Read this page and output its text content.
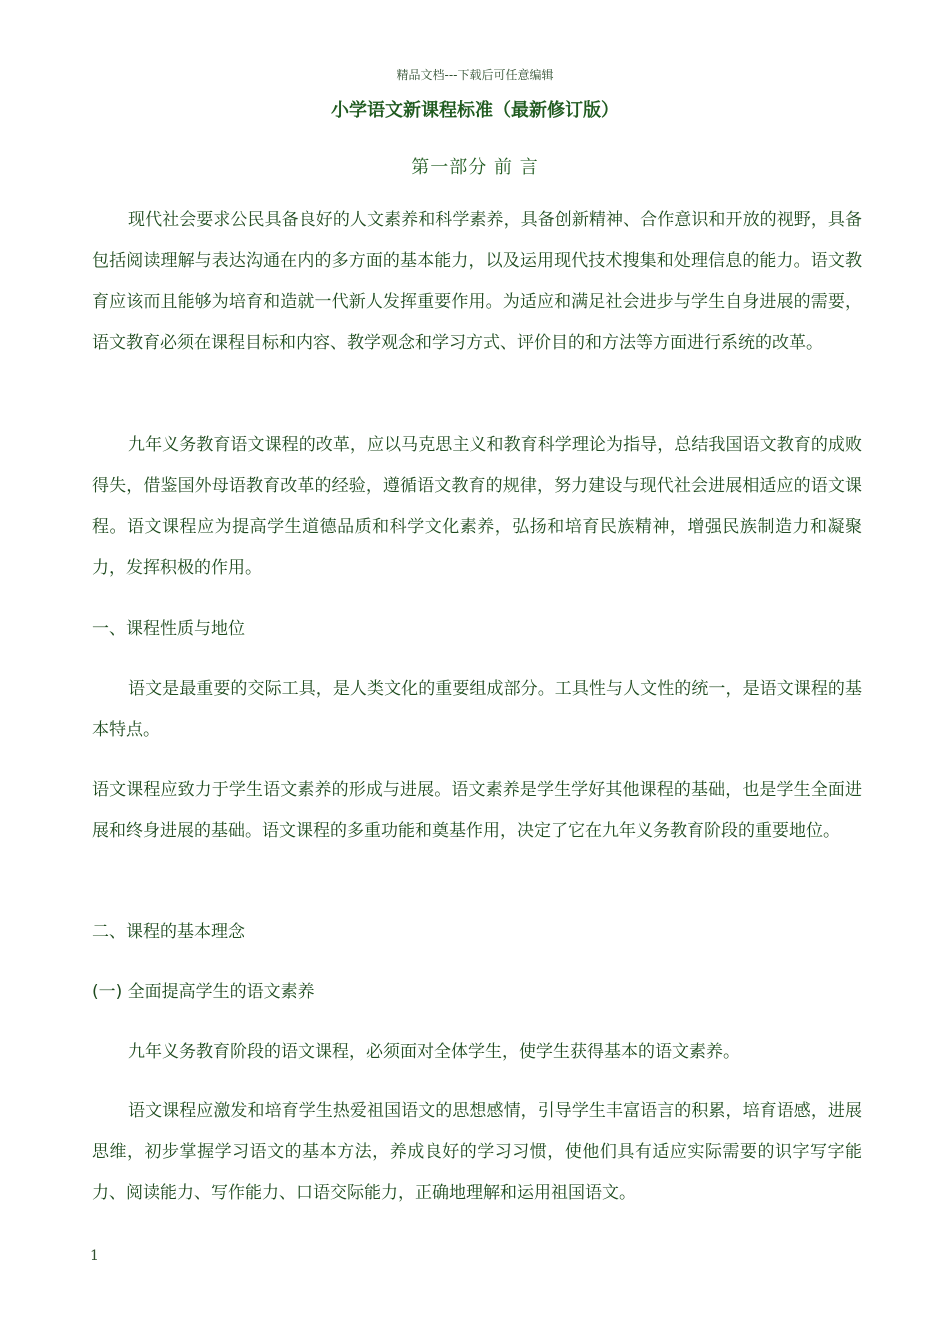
精品文档---下载后可任意编辑
小学语文新课程标准（最新修订版）
第一部分 前 言

现代社会要求公民具备良好的人文素养和科学素养，具备创新精神、合作意识和开放的视野，具备包括阅读理解与表达沟通在内的多方面的基本能力，以及运用现代技术搜集和处理信息的能力。语文教育应该而且能够为培育和造就一代新人发挥重要作用。为适应和满足社会进步与学生自身进展的需要，语文教育必须在课程目标和内容、教学观念和学习方式、评价目的和方法等方面进行系统的改革。

九年义务教育语文课程的改革，应以马克思主义和教育科学理论为指导，总结我国语文教育的成败得失，借鉴国外母语教育改革的经验，遵循语文教育的规律，努力建设与现代社会进展相适应的语文课程。语文课程应为提高学生道德品质和科学文化素养，弘扬和培育民族精神，增强民族制造力和凝聚力，发挥积极的作用。

一、课程性质与地位

语文是最重要的交际工具，是人类文化的重要组成部分。工具性与人文性的统一，是语文课程的基本特点。

语文课程应致力于学生语文素养的形成与进展。语文素养是学生学好其他课程的基础，也是学生全面进展和终身进展的基础。语文课程的多重功能和奠基作用，决定了它在九年义务教育阶段的重要地位。

二、课程的基本理念
(一) 全面提高学生的语文素养

九年义务教育阶段的语文课程，必须面对全体学生，使学生获得基本的语文素养。

语文课程应激发和培育学生热爱祖国语文的思想感情，引导学生丰富语言的积累，培育语感，进展思维，初步掌握学习语文的基本方法，养成良好的学习习惯，使他们具有适应实际需要的识字写字能力、阅读能力、写作能力、口语交际能力，正确地理解和运用祖国语文。

1
